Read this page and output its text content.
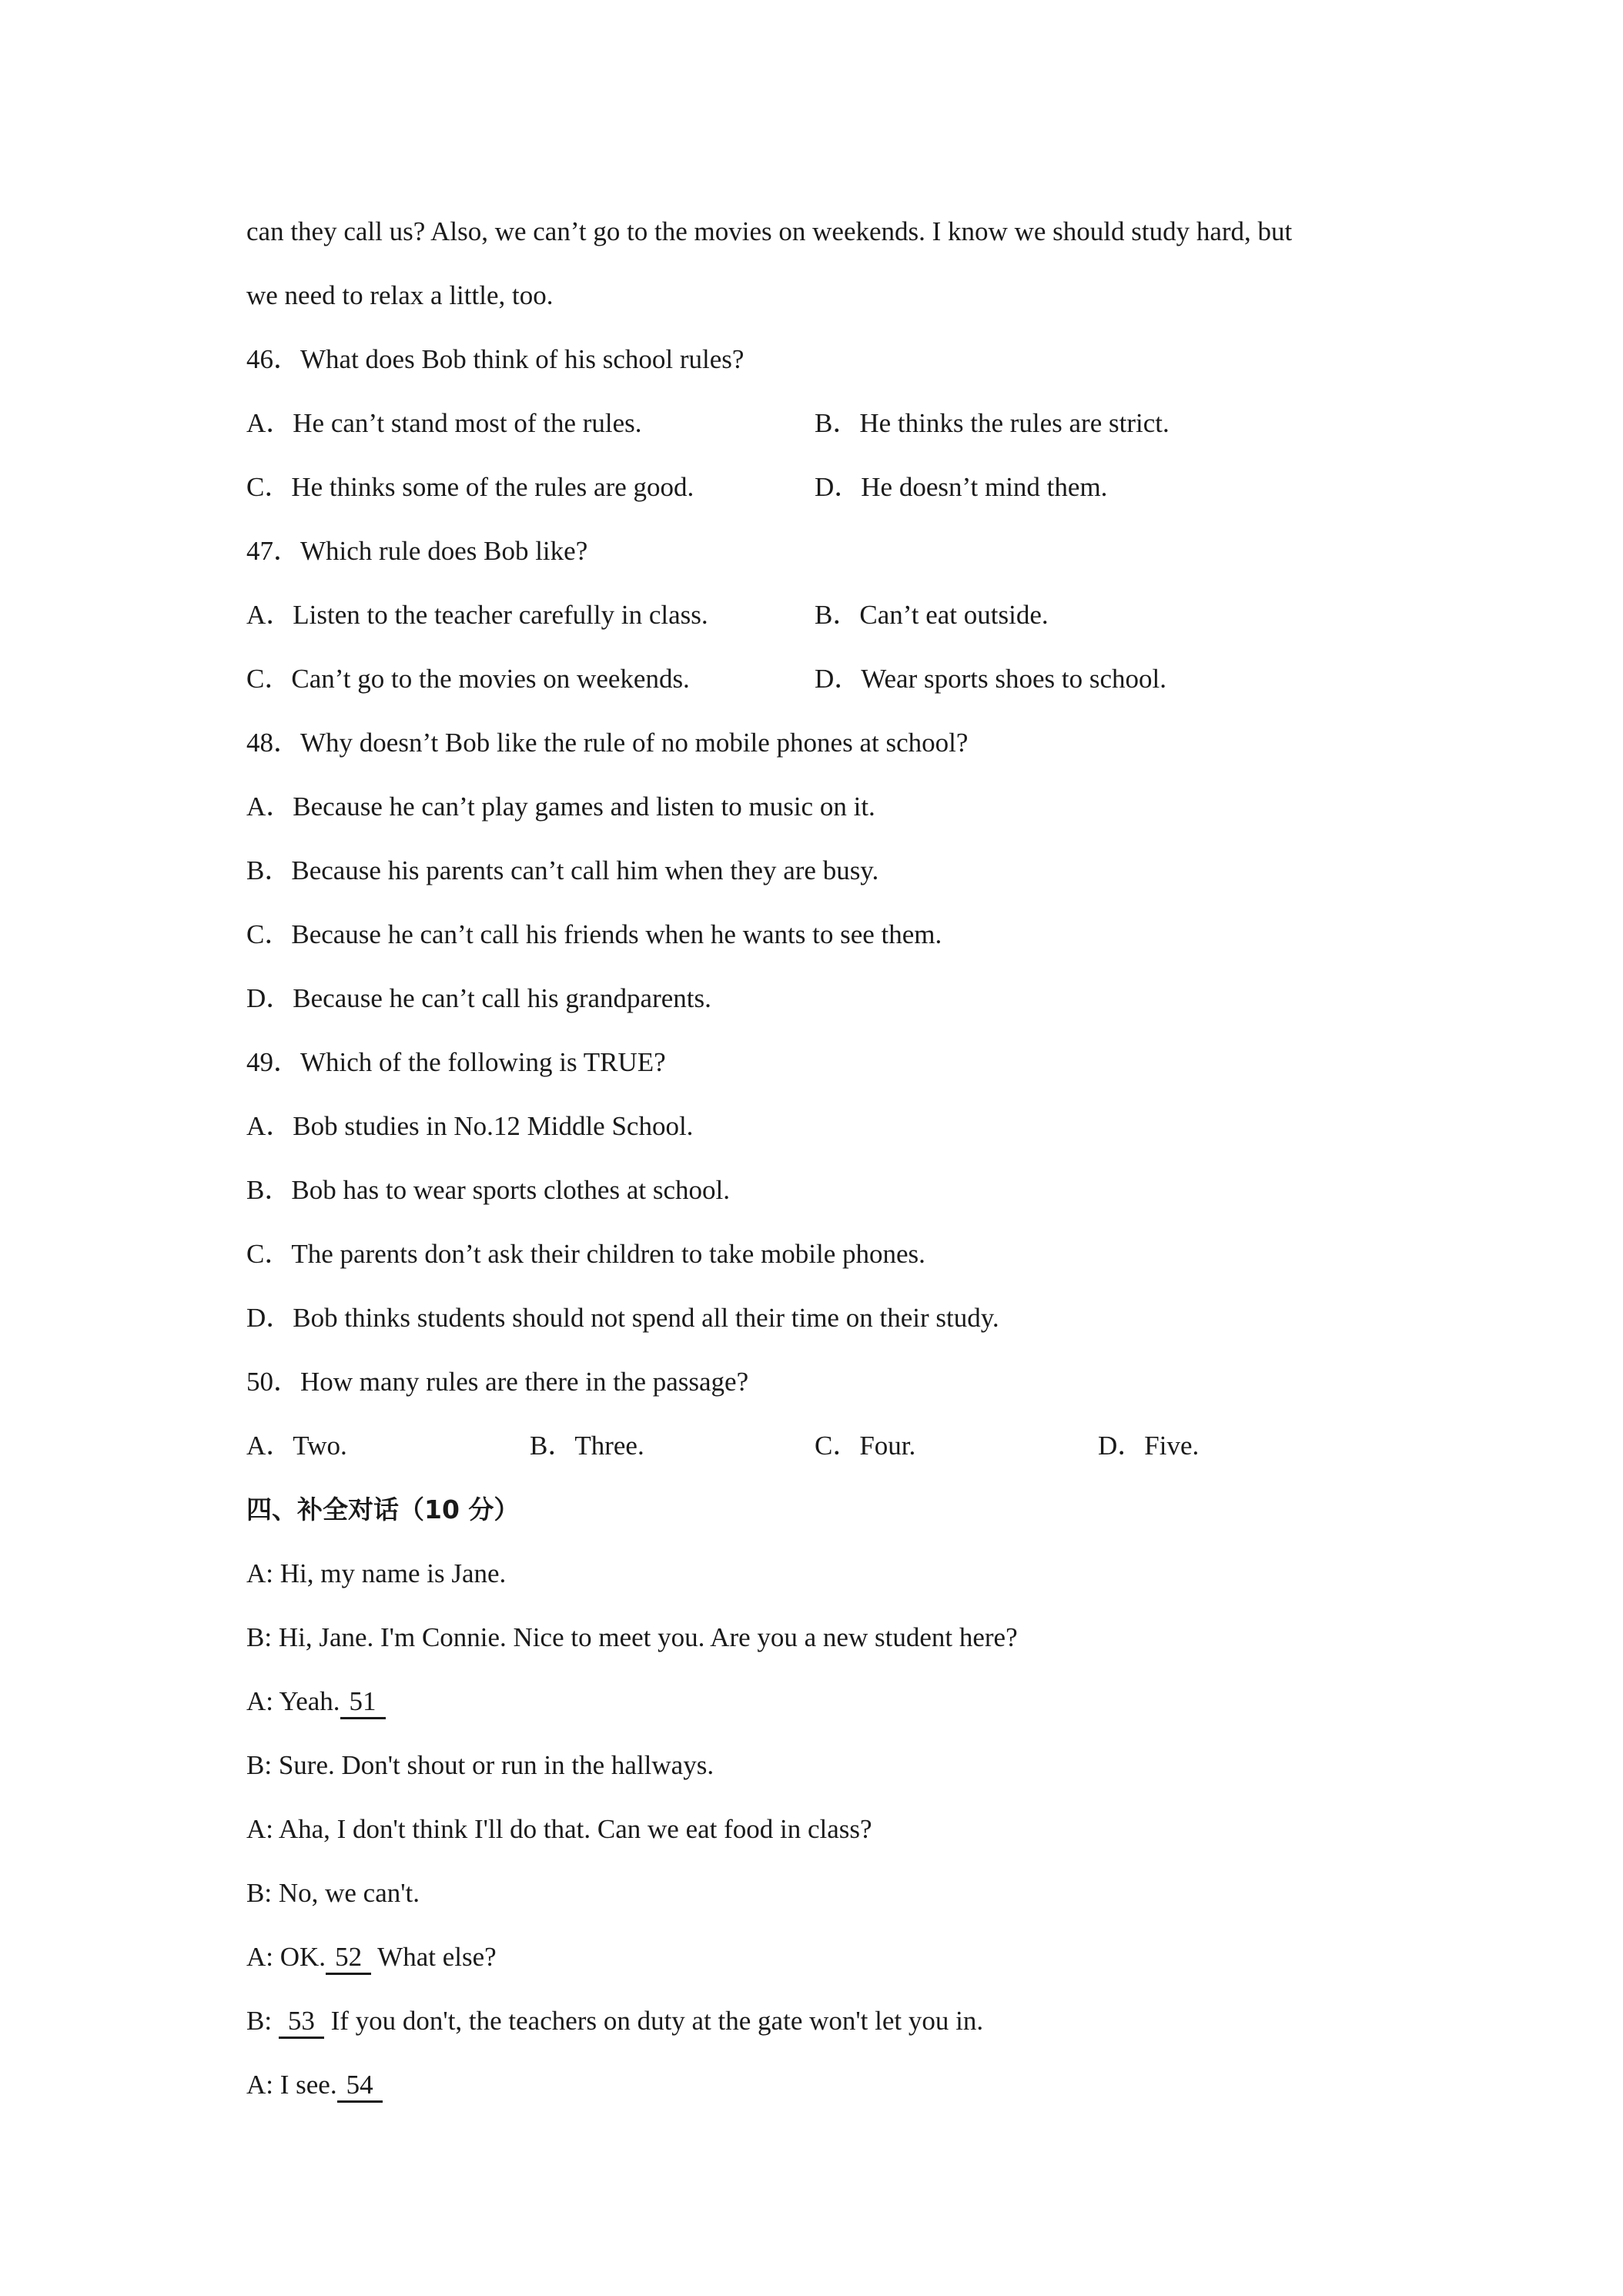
can they call us? Also, we can’t go to the movies on weekends. I know we should study hard, but
we need to relax a little, too.
46．What does Bob think of his school rules?
A．He can’t stand most of the rules.	B．He thinks the rules are strict.
C．He thinks some of the rules are good.	D．He doesn’t mind them.
47．Which rule does Bob like?
A．Listen to the teacher carefully in class.	B．Can’t eat outside.
C．Can’t go to the movies on weekends.	D．Wear sports shoes to school.
48．Why doesn’t Bob like the rule of no mobile phones at school?
A．Because he can’t play games and listen to music on it.
B．Because his parents can’t call him when they are busy.
C．Because he can’t call his friends when he wants to see them.
D．Because he can’t call his grandparents.
49．Which of the following is TRUE?
A．Bob studies in No.12 Middle School.
B．Bob has to wear sports clothes at school.
C．The parents don’t ask their children to take mobile phones.
D．Bob thinks students should not spend all their time on their study.
50．How many rules are there in the passage?
A．Two.	B．Three.	C．Four.	D．Five.
四、补全对话（10 分）
A: Hi, my name is Jane.
B: Hi, Jane. I'm Connie. Nice to meet you. Are you a new student here?
A: Yeah. 51
B: Sure. Don't shout or run in the hallways.
A: Aha, I don't think I'll do that. Can we eat food in class?
B: No, we can't.
A: OK. 52 What else?
B: 53 If you don't, the teachers on duty at the gate won't let you in.
A: I see. 54
